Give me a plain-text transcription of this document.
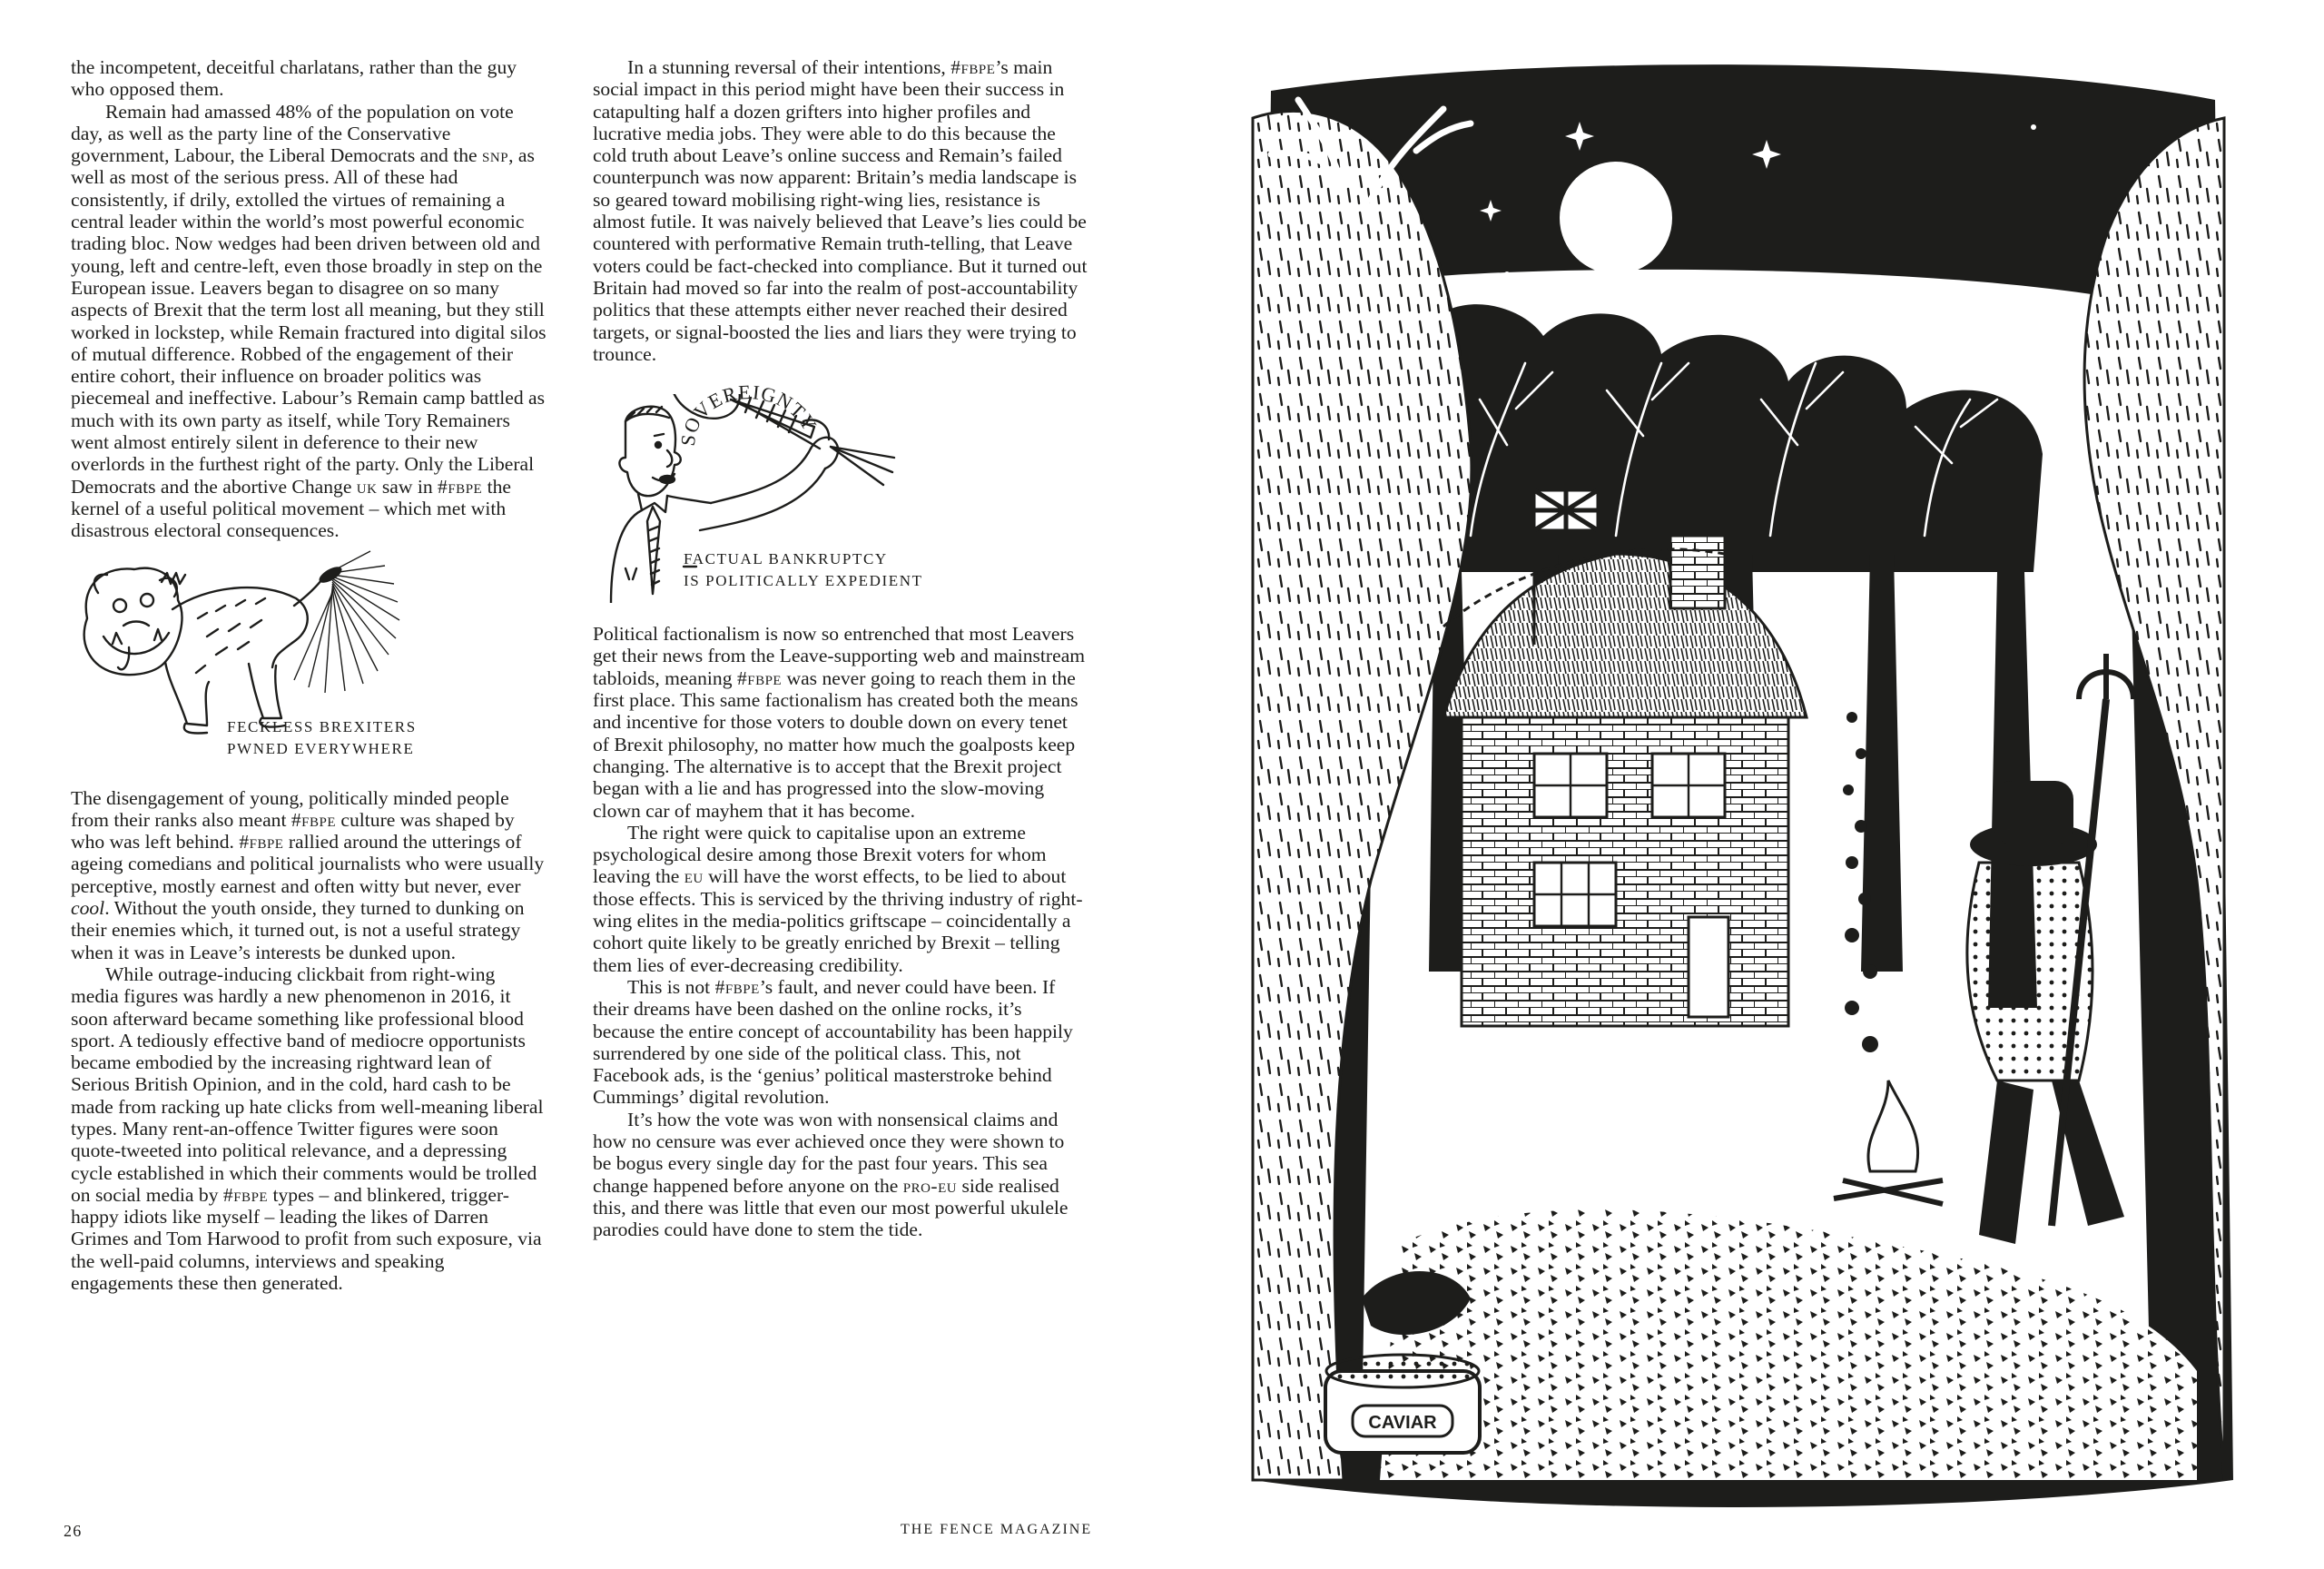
the incompetent, deceitful charlatans, rather than the guy who opposed them.

Remain had amassed 48% of the population on vote day, as well as the party line of the Conservative government, Labour, the Liberal Democrats and the snp, as well as most of the serious press. All of these had consistently, if drily, extolled the virtues of remaining a central leader within the world’s most powerful economic trading bloc. Now wedges had been driven between old and young, left and centre-left, even those broadly in step on the European issue. Leavers began to disagree on so many aspects of Brexit that the term lost all meaning, but they still worked in lockstep, while Remain fractured into digital silos of mutual difference. Robbed of the engagement of their entire cohort, their influence on broader politics was piecemeal and ineffective. Labour’s Remain camp battled as much with its own party as itself, while Tory Remainers went almost entirely silent in deference to their new overlords in the furthest right of the party. Only the Liberal Democrats and the abortive Change uk saw in #fbpe the kernel of a useful political movement – which met with disastrous electoral consequences.

FECKLESS BREXITERS
PWNED EVERYWHERE

The disengagement of young, politically minded people from their ranks also meant #fbpe culture was shaped by who was left behind. #fbpe rallied around the utterings of ageing comedians and political journalists who were usually perceptive, mostly earnest and often witty but never, ever cool. Without the youth onside, they turned to dunking on their enemies which, it turned out, is not a useful strategy when it was in Leave’s interests be dunked upon.

While outrage-inducing clickbait from right-wing media figures was hardly a new phenomenon in 2016, it soon afterward became something like professional blood sport. A tediously effective band of mediocre opportunists became embodied by the increasing rightward lean of Serious British Opinion, and in the cold, hard cash to be made from racking up hate clicks from well-meaning liberal types. Many rent-an-offence Twitter figures were soon quote-tweeted into political relevance, and a depressing cycle established in which their comments would be trolled on social media by #fbpe types – and blinkered, trigger-happy idiots like myself – leading the likes of Darren Grimes and Tom Harwood to profit from such exposure, via the well-paid columns, interviews and speaking engagements these then generated.

In a stunning reversal of their intentions, #fbpe’s main social impact in this period might have been their success in catapulting half a dozen grifters into higher profiles and lucrative media jobs. They were able to do this because the cold truth about Leave’s online success and Remain’s failed counterpunch was now apparent: Britain’s media landscape is so geared toward mobilising right-wing lies, resistance is almost futile. It was naively believed that Leave’s lies could be countered with performative Remain truth-telling, that Leave voters could be fact-checked into compliance. But it turned out Britain had moved so far into the realm of post-accountability politics that these attempts either never reached their desired targets, or signal-boosted the lies and liars they were trying to trounce.

SOVEREIGNTY
FACTUAL BANKRUPTCY
IS POLITICALLY EXPEDIENT

Political factionalism is now so entrenched that most Leavers get their news from the Leave-supporting web and mainstream tabloids, meaning #fbpe was never going to reach them in the first place. This same factionalism has created both the means and incentive for those voters to double down on every tenet of Brexit philosophy, no matter how much the goalposts keep changing. The alternative is to accept that the Brexit project began with a lie and has progressed into the slow-moving clown car of mayhem that it has become.

The right were quick to capitalise upon an extreme psychological desire among those Brexit voters for whom leaving the eu will have the worst effects, to be lied to about those effects. This is serviced by the thriving industry of right-wing elites in the media-politics griftscape – coincidentally a cohort quite likely to be greatly enriched by Brexit – telling them lies of ever-decreasing credibility.

This is not #fbpe’s fault, and never could have been. If their dreams have been dashed on the online rocks, it’s because the entire concept of accountability has been happily surrendered by one side of the political class. This, not Facebook ads, is the ‘genius’ political masterstroke behind Cummings’ digital revolution.

It’s how the vote was won with nonsensical claims and how no censure was ever achieved once they were shown to be bogus every single day for the past four years. This sea change happened before anyone on the pro-eu side realised this, and there was little that even our most powerful ukulele parodies could have done to stem the tide.

26	THE FENCE MAGAZINE
CAVIAR
